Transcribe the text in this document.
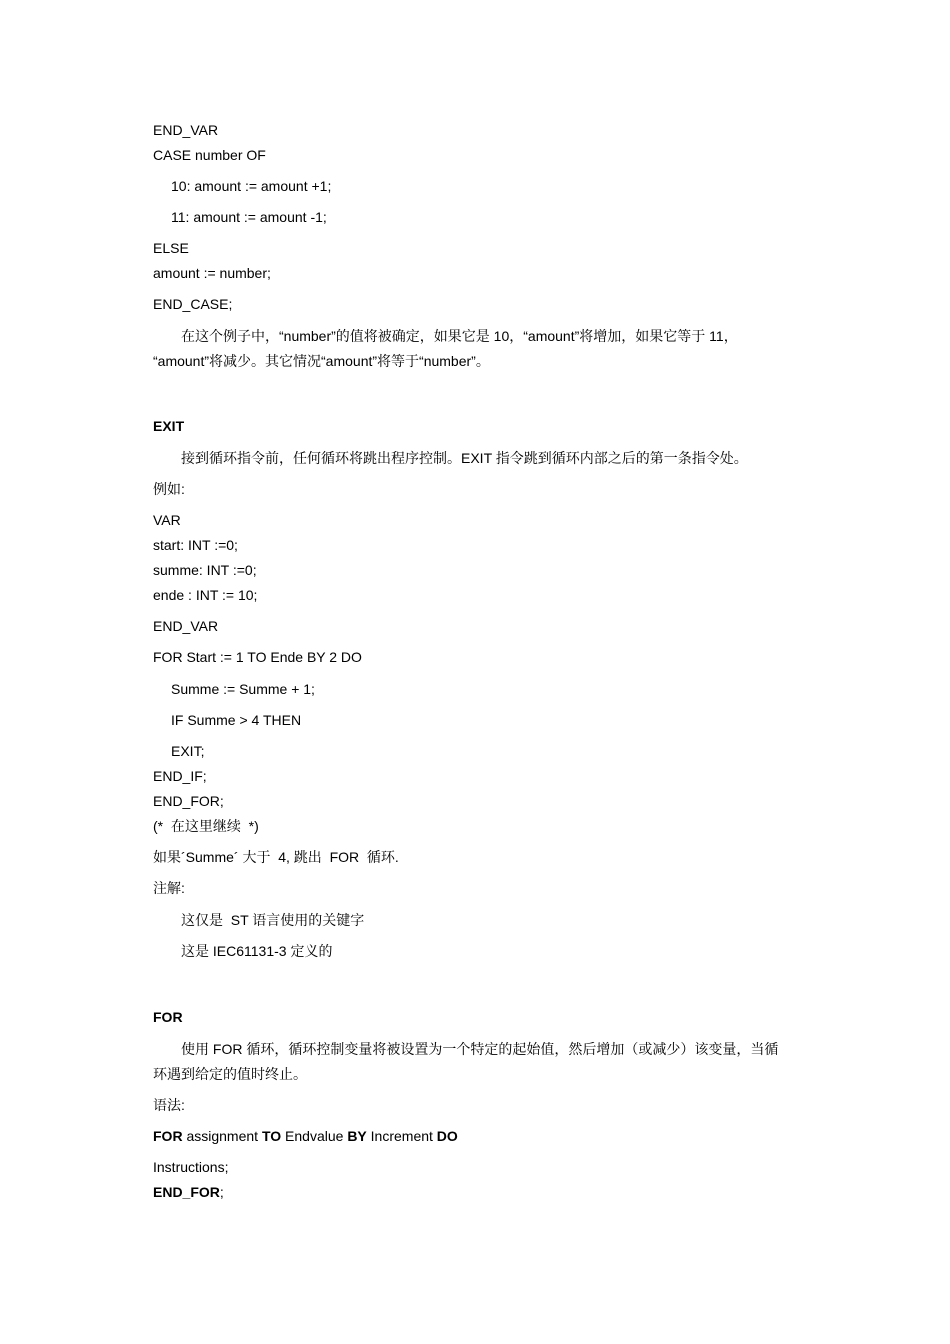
END_VAR
CASE number OF
10: amount := amount +1;
11: amount := amount -1;
ELSE
amount := number;
END_CASE;
在这个例子中，“number”的值将被确定，如果它是 10，“amount”将增加，如果它等于 11，
“amount”将减少。其它情况“amount”将等于“number”。
EXIT
接到循环指令前，任何循环将跳出程序控制。EXIT 指令跳到循环内部之后的第一条指令处。
例如:
VAR
start: INT :=0;
summe: INT :=0;
ende : INT := 10;
END_VAR
FOR Start := 1 TO Ende BY 2 DO
Summe := Summe + 1;
IF Summe > 4 THEN
EXIT;
END_IF;
END_FOR;
(*  在这里继续  *)
如果´Summe´ 大于  4, 跳出  FOR  循环.
注解:
这仅是  ST 语言使用的关键字
这是 IEC61131-3 定义的
FOR
使用 FOR 循环，循环控制变量将被设置为一个特定的起始值，然后增加（或减少）该变量，当循
环遇到给定的值时终止。
语法:
FOR assignment TO Endvalue BY Increment DO
Instructions;
END_FOR;
